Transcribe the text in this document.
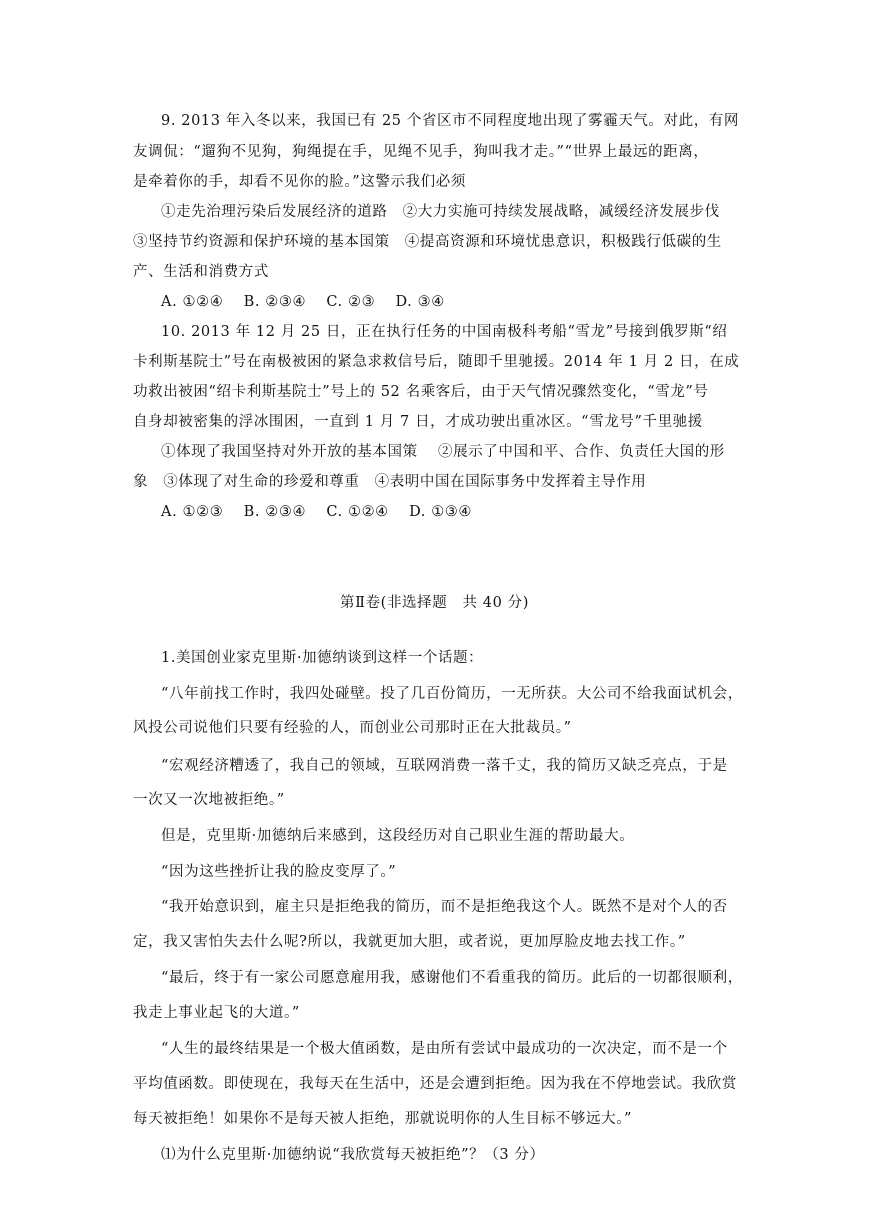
9. 2013 年入冬以来，我国已有 25 个省区市不同程度地出现了雾霾天气。对此，有网
友调侃：“遛狗不见狗，狗绳提在手，见绳不见手，狗叫我才走。”“世界上最远的距离，
是牵着你的手，却看不见你的脸。”这警示我们必须
①走先治理污染后发展经济的道路　②大力实施可持续发展战略，减缓经济发展步伐
③坚持节约资源和保护环境的基本国策　④提高资源和环境忧患意识，积极践行低碳的生
产、生活和消费方式
A. ①②④　 B. ②③④　 C. ②③　 D. ③④
10. 2013 年 12 月 25 日，正在执行任务的中国南极科考船“雪龙”号接到俄罗斯“绍
卡利斯基院士”号在南极被困的紧急求救信号后，随即千里驰援。2014 年 1 月 2 日，在成
功救出被困“绍卡利斯基院士”号上的 52 名乘客后，由于天气情况骤然变化，“雪龙”号
自身却被密集的浮冰围困，一直到 1 月 7 日，才成功驶出重冰区。“雪龙号”千里驰援
①体现了我国坚持对外开放的基本国策　 ②展示了中国和平、合作、负责任大国的形
象　③体现了对生命的珍爱和尊重　④表明中国在国际事务中发挥着主导作用
A. ①②③　 B. ②③④　 C. ①②④　 D. ①③④
第Ⅱ卷(非选择题　共 40 分)
1.美国创业家克里斯·加德纳谈到这样一个话题：
“八年前找工作时，我四处碰壁。投了几百份简历，一无所获。大公司不给我面试机会，
风投公司说他们只要有经验的人，而创业公司那时正在大批裁员。”
“宏观经济糟透了，我自己的领域，互联网消费一落千丈，我的简历又缺乏亮点，于是
一次又一次地被拒绝。”
但是，克里斯·加德纳后来感到，这段经历对自己职业生涯的帮助最大。
“因为这些挫折让我的脸皮变厚了。”
“我开始意识到，雇主只是拒绝我的简历，而不是拒绝我这个人。既然不是对个人的否
定，我又害怕失去什么呢?所以，我就更加大胆，或者说，更加厚脸皮地去找工作。”
“最后，终于有一家公司愿意雇用我，感谢他们不看重我的简历。此后的一切都很顺利，
我走上事业起飞的大道。”
“人生的最终结果是一个极大值函数，是由所有尝试中最成功的一次决定，而不是一个
平均值函数。即使现在，我每天在生活中，还是会遭到拒绝。因为我在不停地尝试。我欣赏
每天被拒绝！如果你不是每天被人拒绝，那就说明你的人生目标不够远大。”
⑴为什么克里斯·加德纳说“我欣赏每天被拒绝”？（3 分）
